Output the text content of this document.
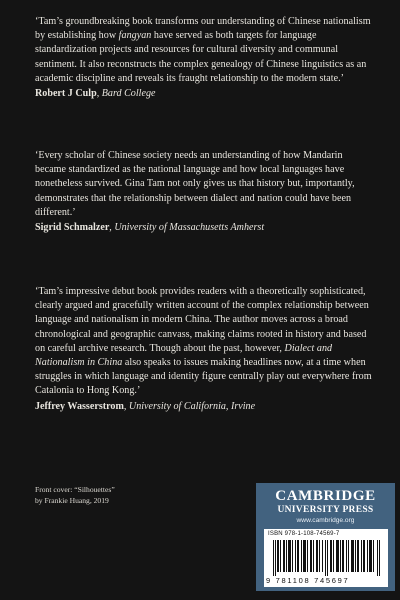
‘Tam’s groundbreaking book transforms our understanding of Chinese nationalism by establishing how fangyan have served as both targets for language standardization projects and resources for cultural diversity and communal sentiment. It also reconstructs the complex genealogy of Chinese linguistics as an academic discipline and reveals its fraught relationship to the modern state.’

Robert J Culp, Bard College

‘Every scholar of Chinese society needs an understanding of how Mandarin became standardized as the national language and how local languages have nonetheless survived. Gina Tam not only gives us that history but, importantly, demonstrates that the relationship between dialect and nation could have been different.’

Sigrid Schmalzer, University of Massachusetts Amherst

‘Tam’s impressive debut book provides readers with a theoretically sophisticated, clearly argued and gracefully written account of the complex relationship between language and nationalism in modern China. The author moves across a broad chronological and geographic canvass, making claims rooted in history and based on careful archive research. Though about the past, however, Dialect and Nationalism in China also speaks to issues making headlines now, at a time when struggles in which language and identity figure centrally play out everywhere from Catalonia to Hong Kong.’

Jeffrey Wasserstrom, University of California, Irvine

Front cover: “Silhouettes”
by Frankie Huang, 2019	CAMBRIDGE
UNIVERSITY PRESS
www.cambridge.org
ISBN 978-1-108-74569-7
9 781108 745697
